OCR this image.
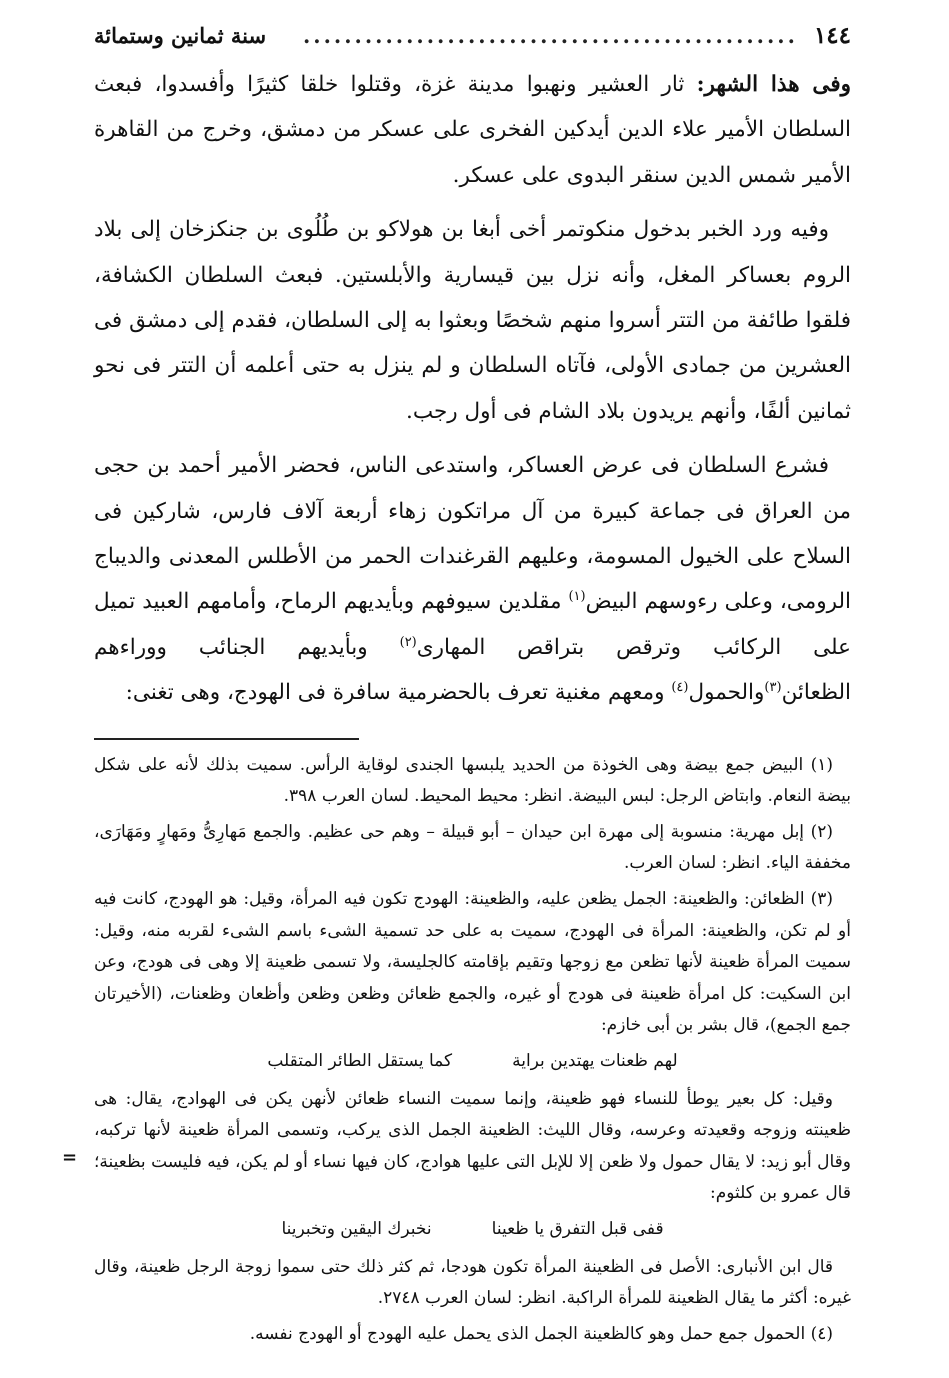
١٤٤
................................................
سنة ثمانين وستمائة

وفى هذا الشهر: ثار العشير ونهبوا مدينة غزة، وقتلوا خلقا كثيرًا وأفسدوا، فبعث السلطان الأمير علاء الدين أيدكين الفخرى على عسكر من دمشق، وخرج من القاهرة الأمير شمس الدين سنقر البدوى على عسكر.

وفيه ورد الخبر بدخول منكوتمر أخى أبغا بن هولاكو بن طُلُوى بن جنكزخان إلى بلاد الروم بعساكر المغل، وأنه نزل بين قيسارية والأبلستين. فبعث السلطان الكشافة، فلقوا طائفة من التتر أسروا منهم شخصًا وبعثوا به إلى السلطان، فقدم إلى دمشق فى العشرين من جمادى الأولى، فآتاه السلطان و لم ينزل به حتى أعلمه أن التتر فى نحو ثمانين ألفًا، وأنهم يريدون بلاد الشام فى أول رجب.

فشرع السلطان فى عرض العساكر، واستدعى الناس، فحضر الأمير أحمد بن حجى من العراق فى جماعة كبيرة من آل مراتكون زهاء أربعة آلاف فارس، شاركين فى السلاح على الخيول المسومة، وعليهم القرغندات الحمر من الأطلس المعدنى والديباج الرومى، وعلى رءوسهم البيض$^{(١)}$ مقلدين سيوفهم وبأيديهم الرماح، وأمامهم العبيد تميل على الركائب وترقص بتراقص المهارى$^{(٢)}$ وبأيديهم الجنائب ووراءهم الظعائن$^{(٣)}$والحمول$^{(٤)}$ ومعهم مغنية تعرف بالحضرمية سافرة فى الهودج، وهى تغنى:

(١) البيض جمع بيضة وهى الخوذة من الحديد يلبسها الجندى لوقاية الرأس. سميت بذلك لأنه على شكل بيضة النعام. وابتاض الرجل: لبس البيضة. انظر: محيط المحيط. لسان العرب ٣٩٨.

(٢) إبل مهرية: منسوبة إلى مهرة ابن حيدان – أبو قبيلة – وهم حى عظيم. والجمع مَهارِىُّ ومَهارٍ ومَهَارَى، مخففة الياء. انظر: لسان العرب.

(٣) الظعائن: والظعينة: الجمل يظعن عليه، والظعينة: الهودج تكون فيه المرأة، وقيل: هو الهودج، كانت فيه أو لم تكن، والظعينة: المرأة فى الهودج، سميت به على حد تسمية الشىء باسم الشىء لقربه منه، وقيل: سميت المرأة ظعينة لأنها تظعن مع زوجها وتقيم بإقامته كالجليسة، ولا تسمى ظعينة إلا وهى فى هودج، وعن ابن السكيت: كل امرأة ظعينة فى هودج أو غيره، والجمع ظعائن وظعن وظعن وأظعان وظعنات، (الأخيرتان جمع الجمع)، قال بشر بن أبى خازم:

لهم ظعنات يهتدين براية
كما يستقل الطائر المتقلب

وقيل: كل بعير يوطأ للنساء فهو ظعينة، وإنما سميت النساء ظعائن لأنهن يكن فى الهوادج، يقال: هى ظعينته وزوجه وقعيدته وعرسه، وقال الليث: الظعينة الجمل الذى يركب، وتسمى المرأة ظعينة لأنها تركبه، وقال أبو زيد: لا يقال حمول ولا ظعن إلا للإبل التى عليها هوادج، كان فيها نساء أو لم يكن، فيه فليست بظعينة؛ قال عمرو بن كلثوم:

قفى قبل التفرق يا ظعينا
نخبرك اليقين وتخبرينا

قال ابن الأنبارى: الأصل فى الظعينة المرأة تكون هودجا، ثم كثر ذلك حتى سموا زوجة الرجل ظعينة، وقال غيره: أكثر ما يقال الظعينة للمرأة الراكبة. انظر: لسان العرب ٢٧٤٨.

(٤) الحمول جمع حمل وهو كالظعينة الجمل الذى يحمل عليه الهودج أو الهودج نفسه.

=
